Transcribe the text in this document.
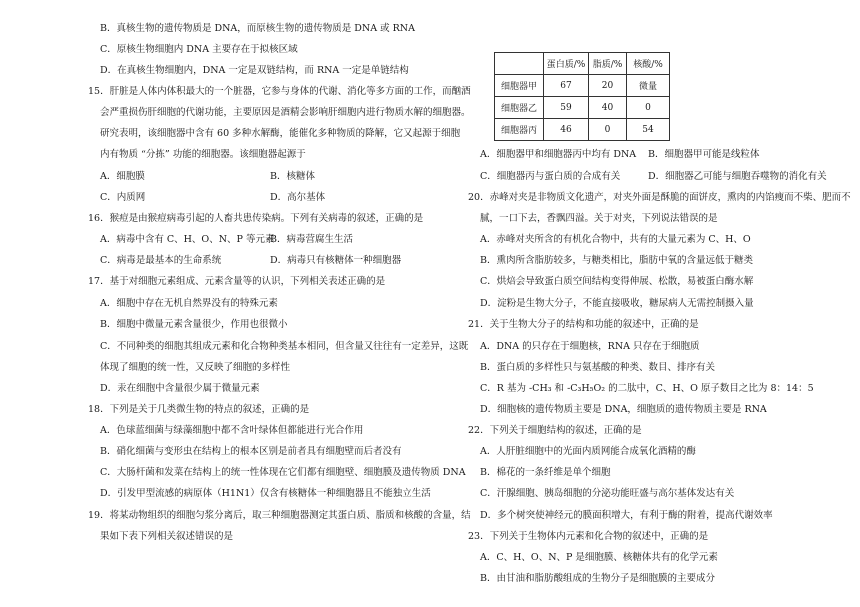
B．真核生物的遗传物质是 DNA，而原核生物的遗传物质是 DNA 或 RNA
C．原核生物细胞内 DNA 主要存在于拟核区域
D．在真核生物细胞内，DNA 一定是双链结构，而 RNA 一定是单链结构
15．肝脏是人体内体积最大的一个脏器，它参与身体的代谢、消化等多方面的工作，而酗酒
会严重损伤肝细胞的代谢功能，主要原因是酒精会影响肝细胞内进行物质水解的细胞器。
研究表明，该细胞器中含有 60 多种水解酶，能催化多种物质的降解，它又起源于细胞
内有物质 “分拣” 功能的细胞器。该细胞器起源于
A．细胞膜	B．核糖体
C．内质网	D．高尔基体
16．猴痘是由猴痘病毒引起的人畜共患传染病。下列有关病毒的叙述，正确的是
A．病毒中含有 C、H、O、N、P 等元素
B．病毒营腐生生活
C．病毒是最基本的生命系统	D．病毒只有核糖体一种细胞器
17．基于对细胞元素组成、元素含量等的认识，下列相关表述正确的是
A．细胞中存在无机自然界没有的特殊元素
B．细胞中微量元素含量很少，作用也很微小
C．不同种类的细胞其组成元素和化合物种类基本相同，但含量又往往有一定差异，这既
体现了细胞的统一性，又反映了细胞的多样性
D．汞在细胞中含量很少属于微量元素
18．下列是关于几类微生物的特点的叙述，正确的是
A．色球蓝细菌与绿藻细胞中都不含叶绿体但都能进行光合作用
B．硝化细菌与变形虫在结构上的根本区别是前者具有细胞壁而后者没有
C．大肠杆菌和发菜在结构上的统一性体现在它们都有细胞壁、细胞膜及遗传物质 DNA
D．引发甲型流感的病原体（H1N1）仅含有核糖体一种细胞器且不能独立生活
19．将某动物组织的细胞匀浆分离后，取三种细胞器测定其蛋白质、脂质和核酸的含量，结
果如下表下列相关叙述错误的是
	蛋白质/%	脂质/%	核酸/%
细胞器甲	67	20	微量
细胞器乙	59	40	0
细胞器丙	46	0	54
A．细胞器甲和细胞器丙中均有 DNA B．细胞器甲可能是线粒体
C．细胞器丙与蛋白质的合成有关	D．细胞器乙可能与细胞吞噬物的消化有关
20．赤峰对夹是非物质文化遗产，对夹外面是酥脆的面饼皮，熏肉的内馅瘦而不柴、肥而不
腻，一口下去，香飘四溢。关于对夹，下列说法错误的是
A．赤峰对夹所含的有机化合物中，共有的大量元素为 C、H、O
B．熏肉所含脂肪较多，与糖类相比，脂肪中氧的含量远低于糖类
C．烘焙会导致蛋白质空间结构变得伸展、松散，易被蛋白酶水解
D．淀粉是生物大分子，不能直接吸收，糖尿病人无需控制摄入量
21．关于生物大分子的结构和功能的叙述中，正确的是
A．DNA 的只存在于细胞核，RNA 只存在于细胞质
B．蛋白质的多样性只与氨基酸的种类、数目、排序有关
C．R 基为 -CH₃ 和 -C₃H₅O₂ 的二肽中，C、H、O 原子数目之比为 8：14：5
D．细胞核的遗传物质主要是 DNA，细胞质的遗传物质主要是 RNA
22．下列关于细胞结构的叙述，正确的是
A．人肝脏细胞中的光面内质网能合成氧化酒精的酶
B．棉花的一条纤维是单个细胞
C．汗腺细胞、胰岛细胞的分泌功能旺盛与高尔基体发达有关
D．多个树突使神经元的膜面积增大，有利于酶的附着，提高代谢效率
23．下列关于生物体内元素和化合物的叙述中，正确的是
A．C、H、O、N、P 是细胞膜、核糖体共有的化学元素
B．由甘油和脂肪酸组成的生物分子是细胞膜的主要成分
